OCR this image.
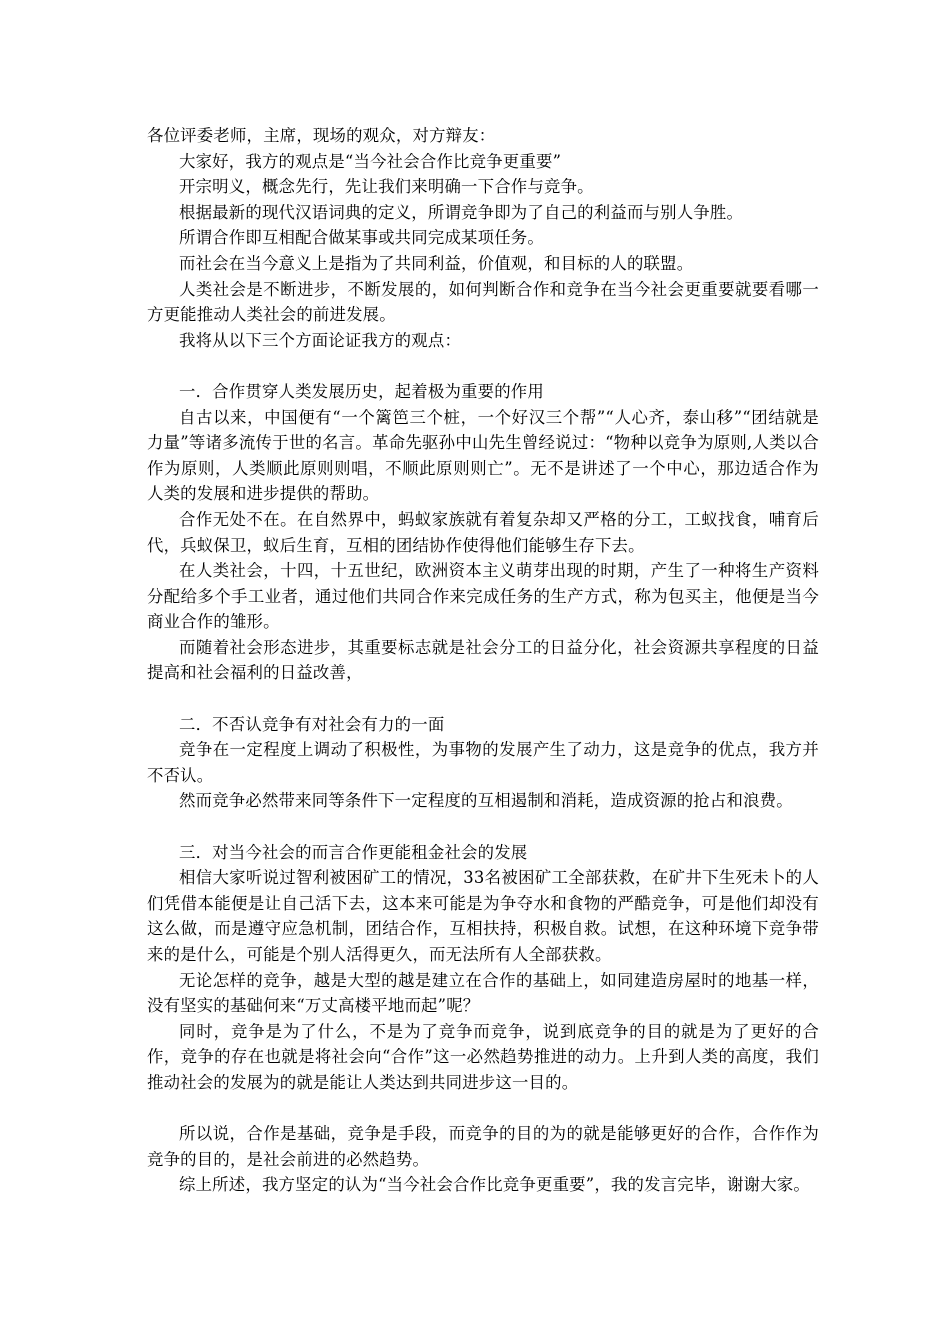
各位评委老师，主席，现场的观众，对方辩友：

大家好，我方的观点是“当今社会合作比竞争更重要”

开宗明义，概念先行，先让我们来明确一下合作与竞争。

根据最新的现代汉语词典的定义，所谓竞争即为了自己的利益而与别人争胜。

所谓合作即互相配合做某事或共同完成某项任务。

而社会在当今意义上是指为了共同利益，价值观，和目标的人的联盟。

人类社会是不断进步，不断发展的，如何判断合作和竞争在当今社会更重要就要看哪一方更能推动人类社会的前进发展。

我将从以下三个方面论证我方的观点：

一．合作贯穿人类发展历史，起着极为重要的作用

自古以来，中国便有“一个篱笆三个桩，一个好汉三个帮”“人心齐，泰山移”“团结就是力量”等诸多流传于世的名言。革命先驱孙中山先生曾经说过：“物种以竞争为原则,人类以合作为原则，人类顺此原则则唱，不顺此原则则亡”。无不是讲述了一个中心，那边适合作为人类的发展和进步提供的帮助。

合作无处不在。在自然界中，蚂蚁家族就有着复杂却又严格的分工，工蚁找食，哺育后代，兵蚁保卫，蚁后生育，互相的团结协作使得他们能够生存下去。

在人类社会，十四，十五世纪，欧洲资本主义萌芽出现的时期，产生了一种将生产资料分配给多个手工业者，通过他们共同合作来完成任务的生产方式，称为包买主，他便是当今商业合作的雏形。

而随着社会形态进步，其重要标志就是社会分工的日益分化，社会资源共享程度的日益提高和社会福利的日益改善，

二．不否认竞争有对社会有力的一面

竞争在一定程度上调动了积极性，为事物的发展产生了动力，这是竞争的优点，我方并不否认。

然而竞争必然带来同等条件下一定程度的互相遏制和消耗，造成资源的抢占和浪费。

三．对当今社会的而言合作更能租金社会的发展

相信大家听说过智利被困矿工的情况，33名被困矿工全部获救，在矿井下生死未卜的人们凭借本能便是让自己活下去，这本来可能是为争夺水和食物的严酷竞争，可是他们却没有这么做，而是遵守应急机制，团结合作，互相扶持，积极自救。试想，在这种环境下竞争带来的是什么，可能是个别人活得更久，而无法所有人全部获救。

无论怎样的竞争，越是大型的越是建立在合作的基础上，如同建造房屋时的地基一样，没有坚实的基础何来“万丈高楼平地而起”呢？

同时，竞争是为了什么，不是为了竞争而竞争，说到底竞争的目的就是为了更好的合作，竞争的存在也就是将社会向“合作”这一必然趋势推进的动力。上升到人类的高度，我们推动社会的发展为的就是能让人类达到共同进步这一目的。

所以说，合作是基础，竞争是手段，而竞争的目的为的就是能够更好的合作，合作作为竞争的目的，是社会前进的必然趋势。

综上所述，我方坚定的认为“当今社会合作比竞争更重要”，我的发言完毕，谢谢大家。
